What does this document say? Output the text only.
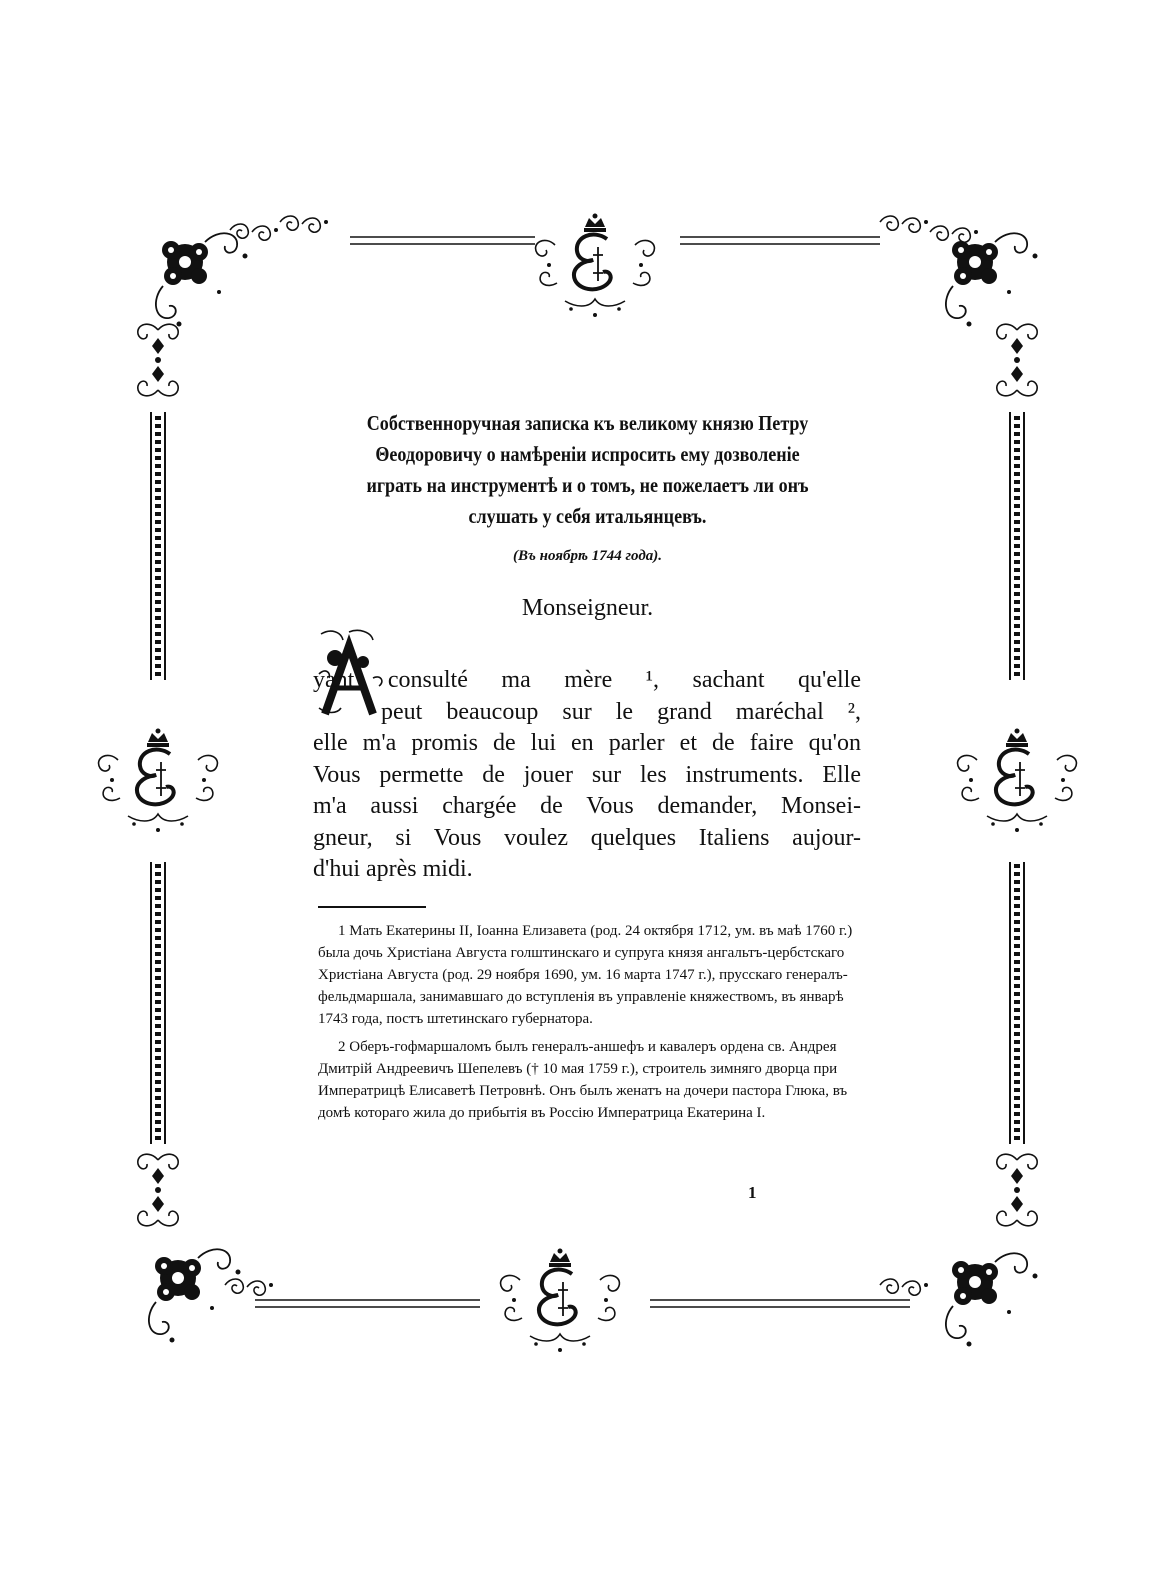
Собственноручная записка къ великому князю Петру Θеодоровичу о намѣреніи испросить ему дозволеніе играть на инструментѣ и о томъ, не пожелаетъ ли онъ слушать у себя итальянцевъ.
(Въ ноябрѣ 1744 года).
Monseigneur.
yant consulté ma mère ¹, sachant qu'elle
peut beaucoup sur le grand maréchal ²,
elle m'a promis de lui en parler et de faire qu'on
Vous permette de jouer sur les instruments. Elle
m'a aussi chargée de Vous demander, Monsei-
gneur, si Vous voulez quelques Italiens aujour-
d'hui après midi.
1 Мать Екатерины II, Іоанна Елизавета (род. 24 октября 1712, ум. въ маѣ 1760 г.) была дочь Христіана Августа голштинскаго и супруга князя ангальтъ-цербстскаго Христіана Августа (род. 29 ноября 1690, ум. 16 марта 1747 г.), прусскаго генералъ-фельдмаршала, занимавшаго до вступленія въ управленіе княжествомъ, въ январѣ 1743 года, постъ штетинскаго губернатора.
2 Оберъ-гофмаршаломъ былъ генералъ-аншефъ и кавалеръ ордена св. Андрея Дмитрій Андреевичъ Шепелевъ († 10 мая 1759 г.), строитель зимняго дворца при Императрицѣ Елисаветѣ Петровнѣ. Онъ былъ женатъ на дочери пастора Глюка, въ домѣ котораго жила до прибытія въ Россію Императрица Екатерина I.
1
